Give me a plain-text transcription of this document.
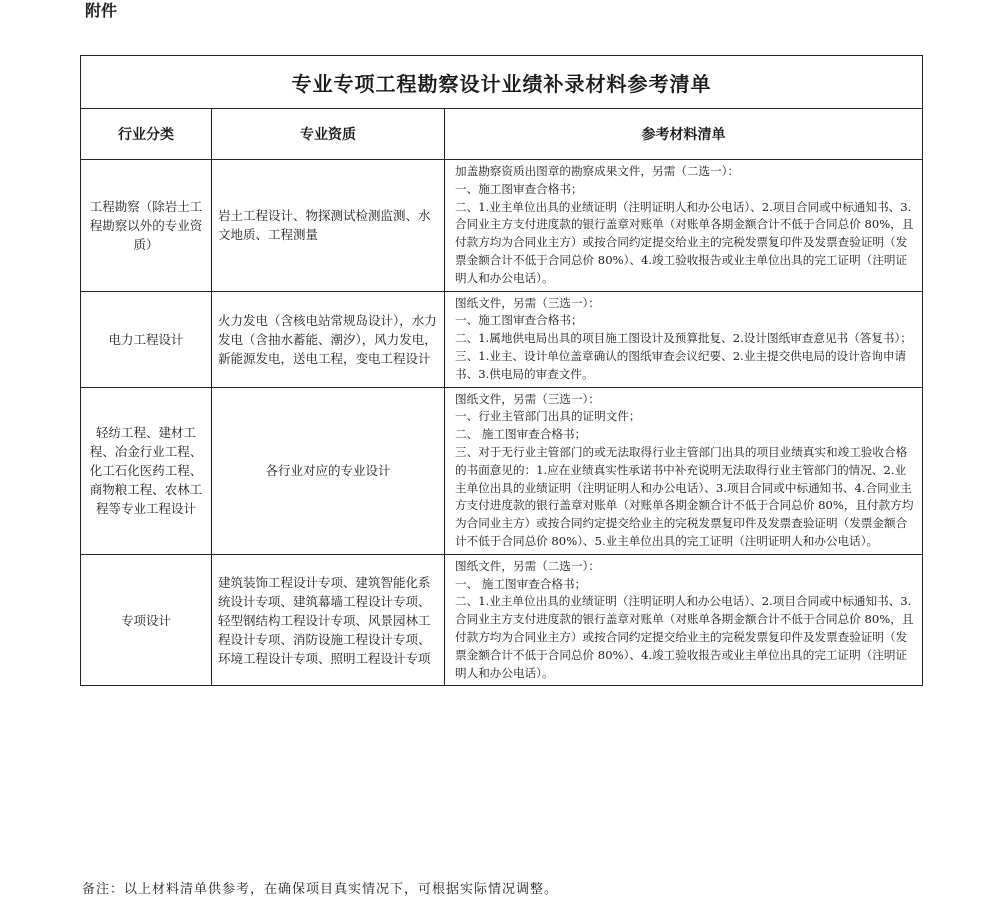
附件
专业专项工程勘察设计业绩补录材料参考清单		
行业分类	专业资质	参考材料清单
工程勘察（除岩土工程勘察以外的专业资质）	岩土工程设计、物探测试检测监测、水文地质、工程测量	加盖勘察资质出图章的勘察成果文件，另需（二选一）：
一、施工图审查合格书；
二、1.业主单位出具的业绩证明（注明证明人和办公电话）、2.项目合同或中标通知书、3.合同业主方支付进度款的银行盖章对账单（对账单各期金额合计不低于合同总价 80%，且付款方均为合同业主方）或按合同约定提交给业主的完税发票复印件及发票查验证明（发票金额合计不低于合同总价 80%）、4.竣工验收报告或业主单位出具的完工证明（注明证明人和办公电话）。

电力工程设计	火力发电（含核电站常规岛设计），水力发电（含抽水蓄能、潮汐），风力发电，新能源发电，送电工程，变电工程设计	图纸文件，另需（三选一）：
一、施工图审查合格书；
二、1.属地供电局出具的项目施工图设计及预算批复、2.设计图纸审查意见书（答复书）；
三、1.业主、设计单位盖章确认的图纸审查会议纪要、2.业主提交供电局的设计咨询申请书、3.供电局的审查文件。

轻纺工程、建材工程、冶金行业工程、化工石化医药工程、商物粮工程、农林工程等专业工程设计	各行业对应的专业设计	图纸文件，另需（三选一）：
一、行业主管部门出具的证明文件；
二、 施工图审查合格书；
三、对于无行业主管部门的或无法取得行业主管部门出具的项目业绩真实和竣工验收合格的书面意见的：1.应在业绩真实性承诺书中补充说明无法取得行业主管部门的情况、2.业主单位出具的业绩证明（注明证明人和办公电话）、3.项目合同或中标通知书、4.合同业主方支付进度款的银行盖章对账单（对账单各期金额合计不低于合同总价 80%，且付款方均为合同业主方）或按合同约定提交给业主的完税发票复印件及发票查验证明（发票金额合计不低于合同总价 80%）、5.业主单位出具的完工证明（注明证明人和办公电话）。

专项设计	建筑装饰工程设计专项、建筑智能化系统设计专项、建筑幕墙工程设计专项、轻型钢结构工程设计专项、风景园林工程设计专项、消防设施工程设计专项、环境工程设计专项、照明工程设计专项	图纸文件，另需（二选一）：
一、 施工图审查合格书；
二、1.业主单位出具的业绩证明（注明证明人和办公电话）、2.项目合同或中标通知书、3.合同业主方支付进度款的银行盖章对账单（对账单各期金额合计不低于合同总价 80%，且付款方均为合同业主方）或按合同约定提交给业主的完税发票复印件及发票查验证明（发票金额合计不低于合同总价 80%）、4.竣工验收报告或业主单位出具的完工证明（注明证明人和办公电话）。
备注：以上材料清单供参考，在确保项目真实情况下，可根据实际情况调整。
